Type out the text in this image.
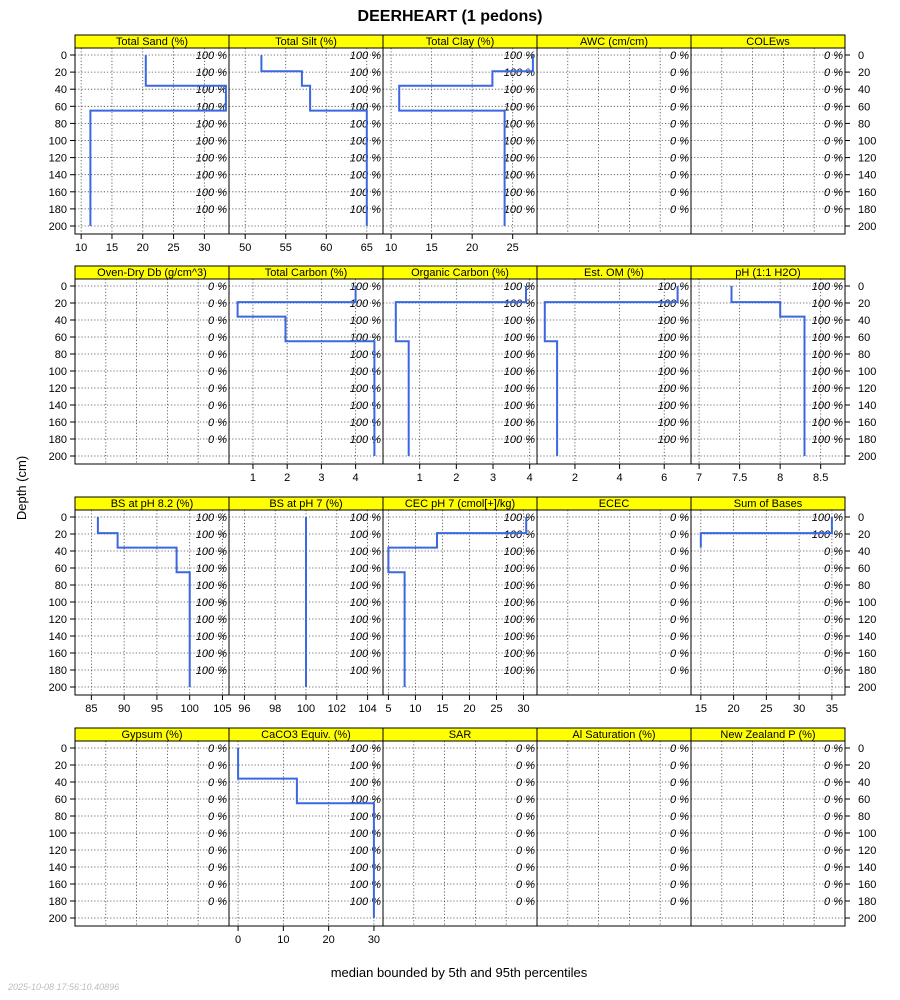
DEERHEART (1 pedons)
Depth (cm)
median bounded by 5th and 95th percentiles
2025-10-08 17:56:10.40896
Total Sand (%)
100 %
100 %
100 %
100 %
100 %
100 %
100 %
100 %
100 %
100 %
10 15 20 25 30
Total Silt (%)
100 %
100 %
100 %
100 %
100 %
100 %
100 %
100 %
100 %
100 %
50	55	60	65
Total Clay (%)
100 %
100 %
100 %
100 %
100 %
100 %
100 %
100 %
100 %
100 %
10	15	20	25
AWC (cm/cm)
0 %
0 %
0 %
0 %
0 %
0 %
0 %
0 %
0 %
0 %
COLEws
0 %
0 %
0 %
0 %
0 %
0 %
0 %
0 %
0 %
0 %
0	0
20	20
40	40
60	60
80	80
100	100
120	120
140	140
160	160
180	180
200	200
Oven-Dry Db (g/cm^3)
0 %
0 %
0 %
0 %
0 %
0 %
0 %
0 %
0 %
0 %
Total Carbon (%)
100 %
100 %
100 %
100 %
100 %
100 %
100 %
100 %
100 %
100 %
1	2	3	4
Organic Carbon (%)
100 %
100 %
100 %
100 %
100 %
100 %
100 %
100 %
100 %
100 %
1	2	3	4
Est. OM (%)
100 %
100 %
100 %
100 %
100 %
100 %
100 %
100 %
100 %
100 %
2	4	6
pH (1:1 H2O)
100 %
100 %
100 %
100 %
100 %
100 %
100 %
100 %
100 %
100 %
7	7.5	8	8.5
0	0
20	20
40	40
60	60
80	80
100	100
120	120
140	140
160	160
180	180
200	200
BS at pH 8.2 (%)
100 %
100 %
100 %
100 %
100 %
100 %
100 %
100 %
100 %
100 %
85 90 95 100 105
BS at pH 7 (%)
100 %
100 %
100 %
100 %
100 %
100 %
100 %
100 %
100 %
100 %
96 98 100 102 104
CEC pH 7 (cmol[+]/kg)
100 %
100 %
100 %
100 %
100 %
100 %
100 %
100 %
100 %
100 %
5 10 15 20 25 30
ECEC
0 %
0 %
0 %
0 %
0 %
0 %
0 %
0 %
0 %
0 %
Sum of Bases
100 %
100 %
0 %
0 %
0 %
0 %
0 %
0 %
0 %
0 %
15 20 25 30 35
0	0
20	20
40	40
60	60
80	80
100	100
120	120
140	140
160	160
180	180
200	200
Gypsum (%)
0 %
0 %
0 %
0 %
0 %
0 %
0 %
0 %
0 %
0 %
CaCO3 Equiv. (%)
100 %
100 %
100 %
100 %
100 %
100 %
100 %
100 %
100 %
100 %
0	10	20	30
SAR
0 %
0 %
0 %
0 %
0 %
0 %
0 %
0 %
0 %
0 %
Al Saturation (%)
0 %
0 %
0 %
0 %
0 %
0 %
0 %
0 %
0 %
0 %
New Zealand P (%)
0 %
0 %
0 %
0 %
0 %
0 %
0 %
0 %
0 %
0 %
0	0
20	20
40	40
60	60
80	80
100	100
120	120
140	140
160	160
180	180
200	200
